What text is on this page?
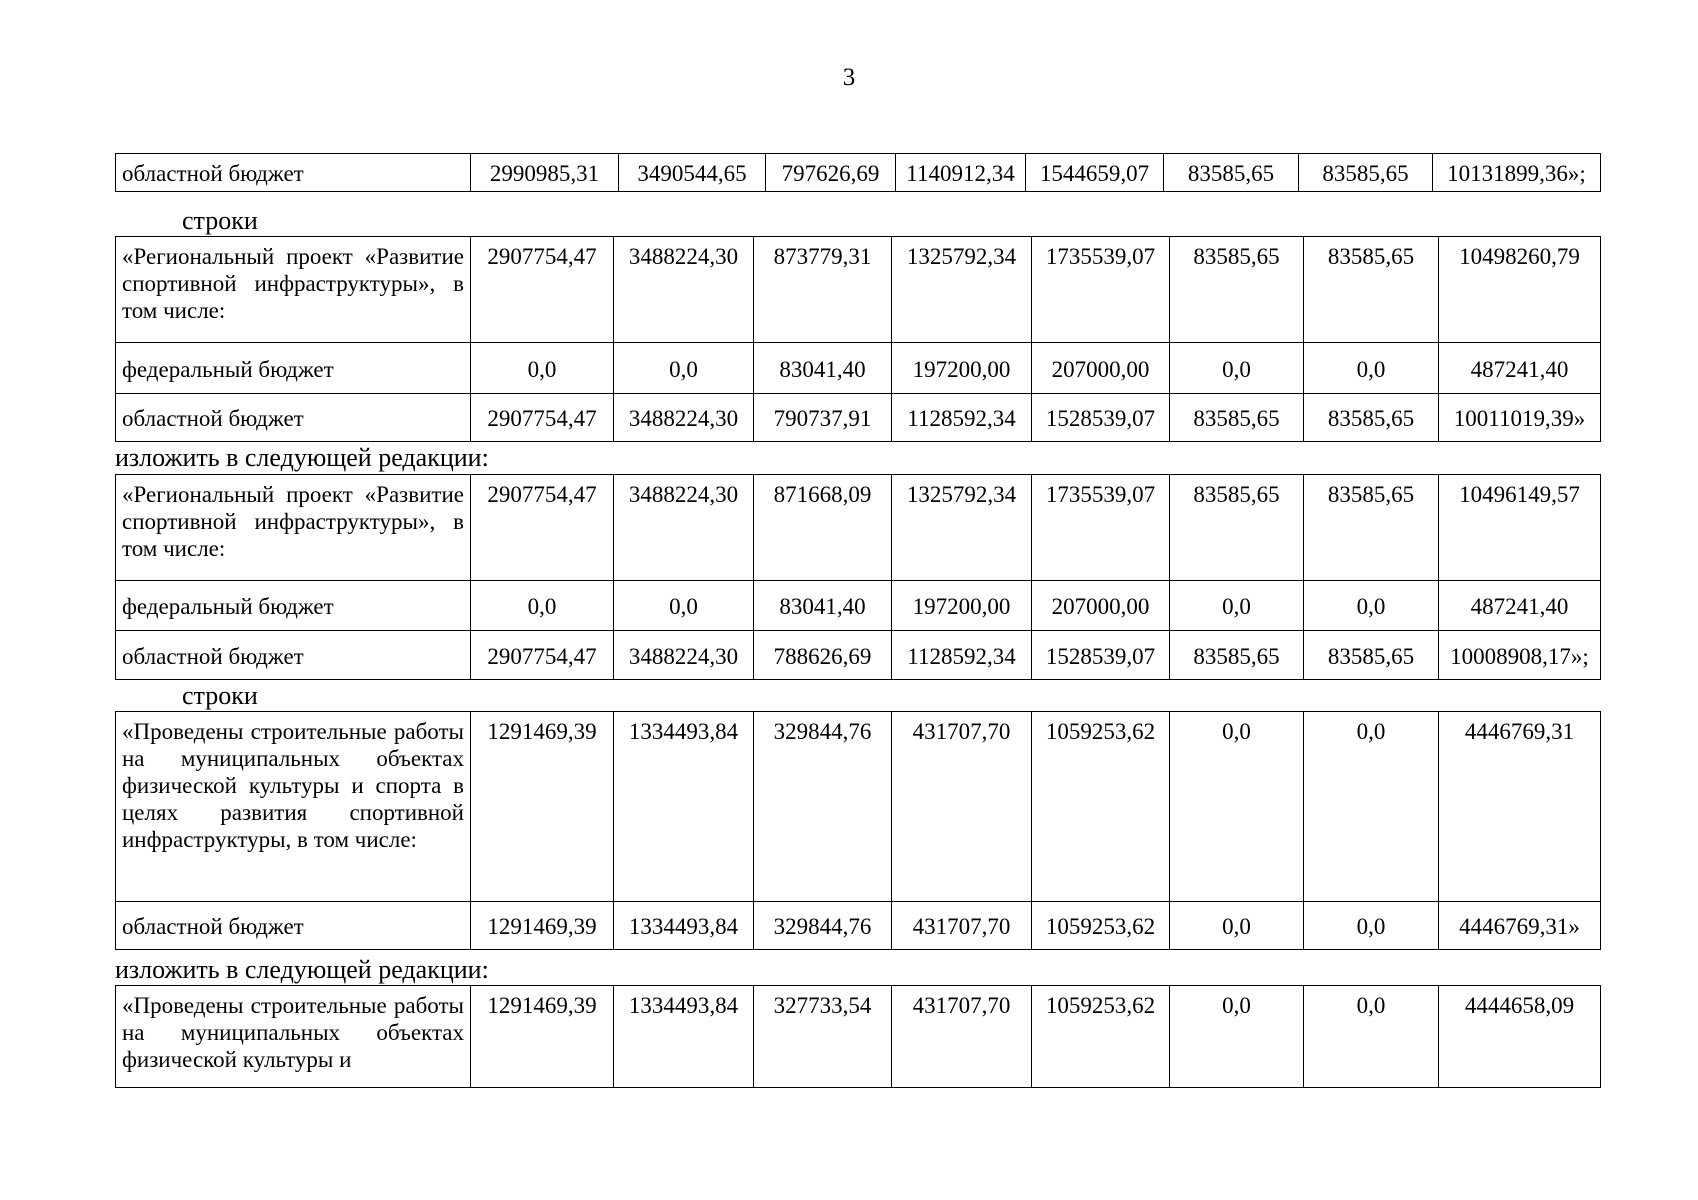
3
областной бюджет	2990985,31	3490544,65	797626,69	1140912,34	1544659,07	83585,65	83585,65	10131899,36»;
строки
«Региональный проект «Развитие спортивной инфраструктуры», в том числе:	2907754,47	3488224,30	873779,31	1325792,34	1735539,07	83585,65	83585,65	10498260,79
федеральный бюджет	0,0	0,0	83041,40	197200,00	207000,00	0,0	0,0	487241,40
областной бюджет	2907754,47	3488224,30	790737,91	1128592,34	1528539,07	83585,65	83585,65	10011019,39»
изложить в следующей редакции:
«Региональный проект «Развитие спортивной инфраструктуры», в том числе:	2907754,47	3488224,30	871668,09	1325792,34	1735539,07	83585,65	83585,65	10496149,57
федеральный бюджет	0,0	0,0	83041,40	197200,00	207000,00	0,0	0,0	487241,40
областной бюджет	2907754,47	3488224,30	788626,69	1128592,34	1528539,07	83585,65	83585,65	10008908,17»;
строки
«Проведены строительные работы на муниципальных объектах физической культуры и спорта в целях развития спортивной инфраструктуры, в том числе:	1291469,39	1334493,84	329844,76	431707,70	1059253,62	0,0	0,0	4446769,31
областной бюджет	1291469,39	1334493,84	329844,76	431707,70	1059253,62	0,0	0,0	4446769,31»
изложить в следующей редакции:
«Проведены строительные работы на муниципальных объектах физической культуры и	1291469,39	1334493,84	327733,54	431707,70	1059253,62	0,0	0,0	4444658,09
